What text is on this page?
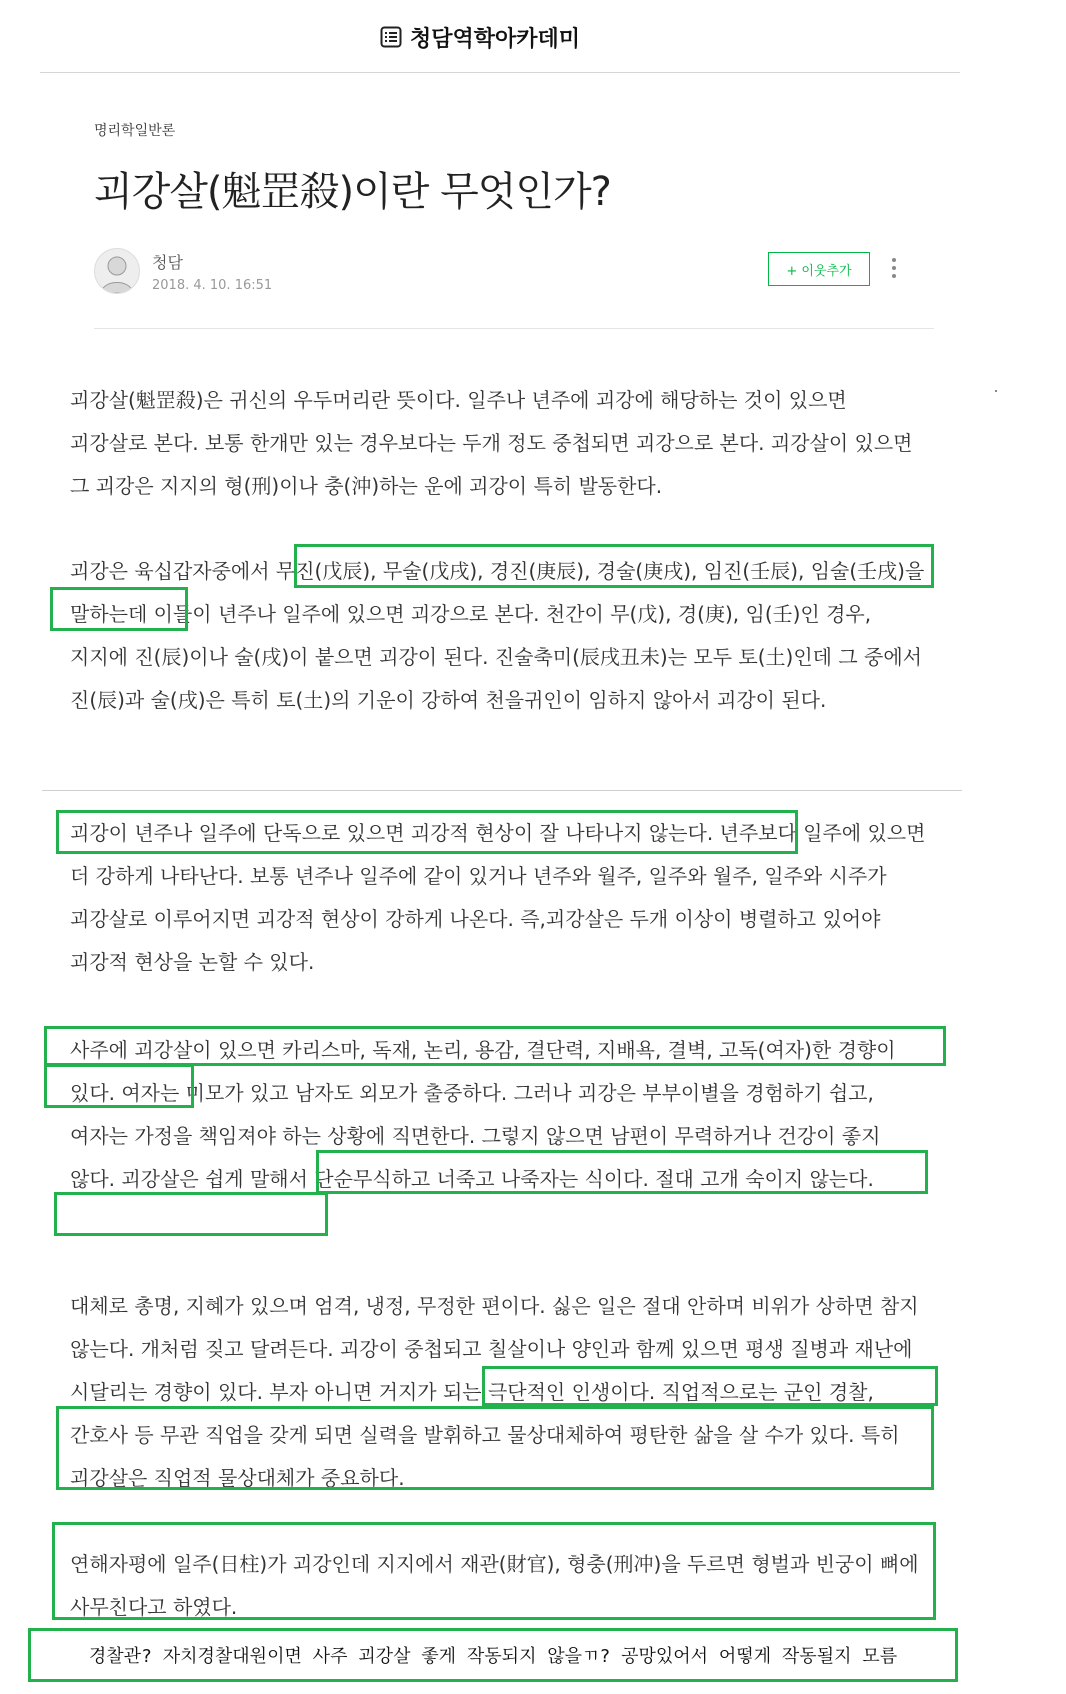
청담역학아카데미
명리학일반론
괴강살(魁罡殺)이란 무엇인가?
청담
2018. 4. 10. 16:51
+ 이웃추가
괴강살(魁罡殺)은 귀신의 우두머리란 뜻이다. 일주나 년주에 괴강에 해당하는 것이 있으면 괴강살로 본다. 보통 한개만 있는 경우보다는 두개 정도 중첩되면 괴강으로 본다. 괴강살이 있으면 그 괴강은 지지의 형(刑)이나 충(沖)하는 운에 괴강이 특히 발동한다.
괴강은 육십갑자중에서 무진(戊辰), 무술(戊戌), 경진(庚辰), 경술(庚戌), 임진(壬辰), 임술(壬戌)을 말하는데 이들이 년주나 일주에 있으면 괴강으로 본다. 천간이 무(戊), 경(庚), 임(壬)인 경우, 지지에 진(辰)이나 술(戌)이 붙으면 괴강이 된다. 진술축미(辰戌丑未)는 모두 토(土)인데 그 중에서 진(辰)과 술(戌)은 특히 토(土)의 기운이 강하여 천을귀인이 임하지 않아서 괴강이 된다.
괴강이 년주나 일주에 단독으로 있으면 괴강적 현상이 잘 나타나지 않는다. 년주보다 일주에 있으면 더 강하게 나타난다. 보통 년주나 일주에 같이 있거나 년주와 월주, 일주와 월주, 일주와 시주가 괴강살로 이루어지면 괴강적 현상이 강하게 나온다. 즉,괴강살은 두개 이상이 병렬하고 있어야 괴강적 현상을 논할 수 있다.
사주에 괴강살이 있으면 카리스마, 독재, 논리, 용감, 결단력, 지배욕, 결벽, 고독(여자)한 경향이 있다. 여자는 미모가 있고 남자도 외모가 출중하다. 그러나 괴강은 부부이별을 경험하기 쉽고, 여자는 가정을 책임져야 하는 상황에 직면한다. 그렇지 않으면 남편이 무력하거나 건강이 좋지 않다. 괴강살은 쉽게 말해서 단순무식하고 너죽고 나죽자는 식이다. 절대 고개 숙이지 않는다.
대체로 총명, 지혜가 있으며 엄격, 냉정, 무정한 편이다. 싫은 일은 절대 안하며 비위가 상하면 참지 않는다. 개처럼 짖고 달려든다. 괴강이 중첩되고 칠살이나 양인과 함께 있으면 평생 질병과 재난에 시달리는 경향이 있다. 부자 아니면 거지가 되는 극단적인 인생이다. 직업적으로는 군인 경찰, 간호사 등 무관 직업을 갖게 되면 실력을 발휘하고 물상대체하여 평탄한 삶을 살 수가 있다. 특히 괴강살은 직업적 물상대체가 중요하다.
연해자평에 일주(日柱)가 괴강인데 지지에서 재관(財官), 형충(刑冲)을 두르면 형벌과 빈궁이 뼈에 사무친다고 하였다.
경찰관? 자치경찰대원이면 사주 괴강살 좋게 작동되지 않을ㄲ? 공망있어서 어떻게 작동될지 모름
